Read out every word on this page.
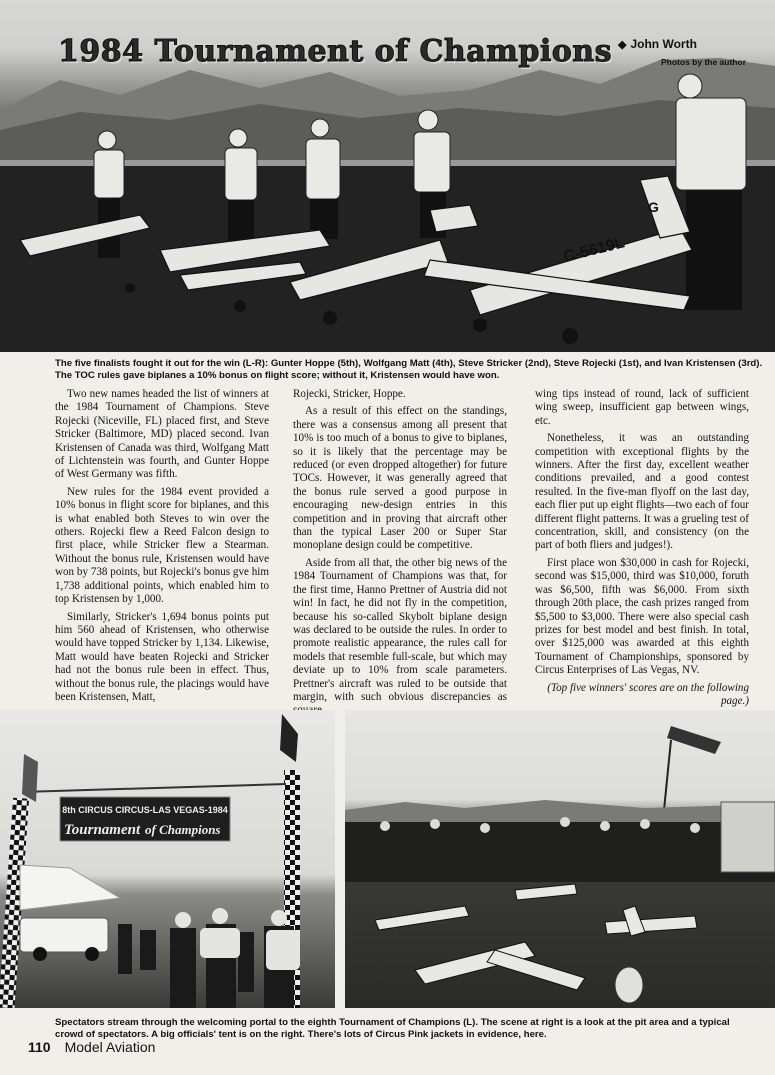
1984 Tournament of Champions ◆ John Worth
Photos by the author
C-5619L
G
The five finalists fought it out for the win (L-R): Gunter Hoppe (5th), Wolfgang Matt (4th), Steve Stricker (2nd), Steve Rojecki (1st), and Ivan Kristensen (3rd). The TOC rules gave biplanes a 10% bonus on flight score; without it, Kristensen would have won.

Two new names headed the list of winners at the 1984 Tournament of Champions. Steve Rojecki (Niceville, FL) placed first, and Steve Stricker (Baltimore, MD) placed second. Ivan Kristensen of Canada was third, Wolfgang Matt of Lichtenstein was fourth, and Gunter Hoppe of West Germany was fifth.

New rules for the 1984 event provided a 10% bonus in flight score for biplanes, and this is what enabled both Steves to win over the others. Rojecki flew a Reed Falcon design to first place, while Stricker flew a Stearman. Without the bonus rule, Kristensen would have won by 738 points, but Rojecki's bonus gve him 1,738 additional points, which enabled him to top Kristensen by 1,000.

Similarly, Stricker's 1,694 bonus points put him 560 ahead of Kristensen, who otherwise would have topped Stricker by 1,134. Likewise, Matt would have beaten Rojecki and Stricker had not the bonus rule been in effect. Thus, without the bonus rule, the placings would have been Kristensen, Matt,

Rojecki, Stricker, Hoppe.

As a result of this effect on the standings, there was a consensus among all present that 10% is too much of a bonus to give to biplanes, so it is likely that the percentage may be reduced (or even dropped altogether) for future TOCs. However, it was generally agreed that the bonus rule served a good purpose in encouraging new-design entries in this competition and in proving that aircraft other than the typical Laser 200 or Super Star monoplane design could be competitive.

Aside from all that, the other big news of the 1984 Tournament of Champions was that, for the first time, Hanno Prettner of Austria did not win! In fact, he did not fly in the competition, because his so-called Skybolt biplane design was declared to be outside the rules. In order to promote realistic appearance, the rules call for models that resemble full-scale, but which may deviate up to 10% from scale parameters. Prettner's aircraft was ruled to be outside that margin, with such obvious discrepancies as

wing tips instead of round, lack of sufficient wing sweep, insufficient gap between wings, etc.

Nonetheless, it was an outstanding competition with exceptional flights by the winners. After the first day, excellent weather conditions prevailed, and a good contest resulted. In the five-man flyoff on the last day, each flier put up eight flights—two each of four different flight patterns. It was a grueling test of concentration, skill, and consistency (on the part of both fliers and judges!).

First place won $30,000 in cash for Rojecki, second was $15,000, third was $10,000, foruth was $6,500, fifth was $6,000. From sixth through 20th place, the cash prizes ranged from $5,500 to $3,000. There were also special cash prizes for best model and best finish. In total, over $125,000 was awarded at this eighth Tournament of Championships, sponsored by Circus Enterprises of Las Vegas, NV.

(Top five winners' scores are on the following page.)

8th CIRCUS CIRCUS-LAS VEGAS-1984
Tournament of Champions
Spectators stream through the welcoming portal to the eighth Tournament of Champions (L). The scene at right is a look at the pit area and a typical crowd of spectators. A big officials' tent is on the right. There's lots of Circus Pink jackets in evidence, here.
110 Model Aviation
